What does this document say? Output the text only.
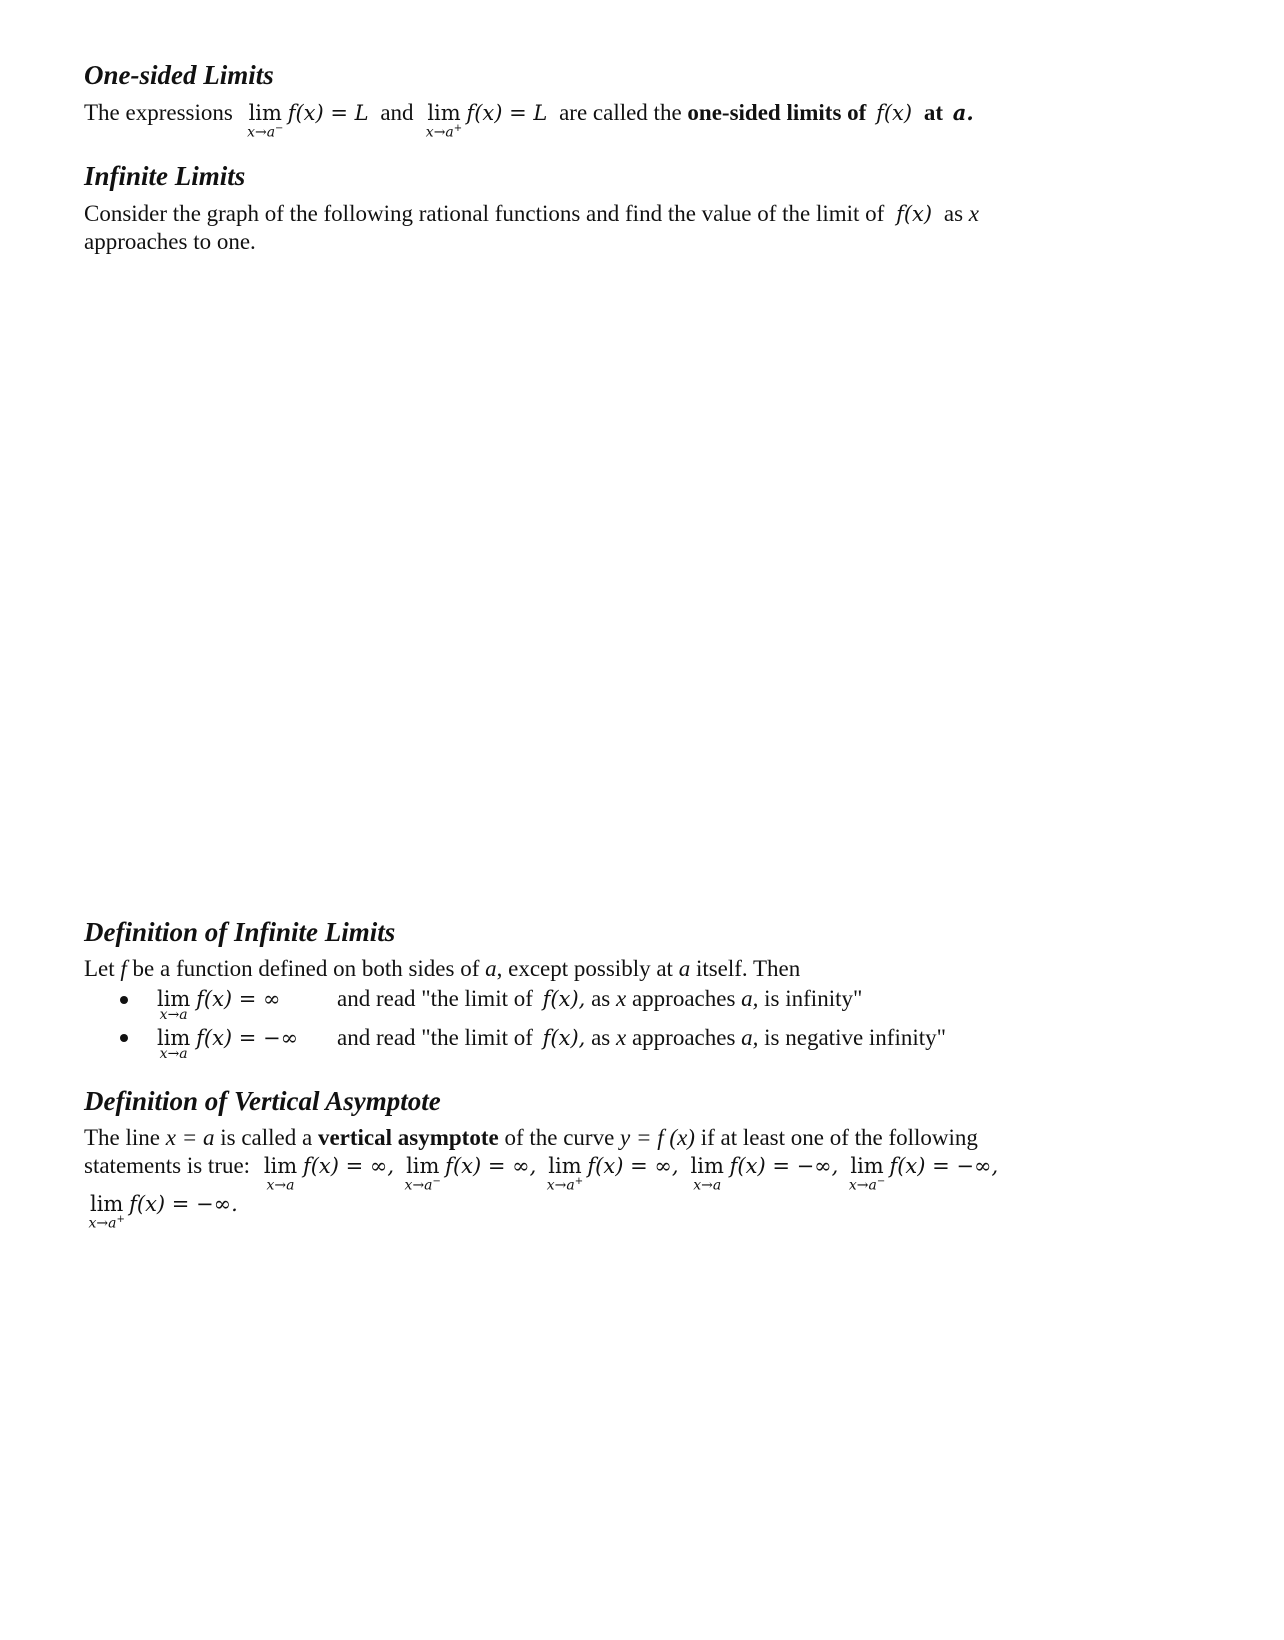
One-sided Limits
The expressions lim
x→a−
f(x) = L and lim
x→a+
f(x) = L are called the one-sided limits of f(x) at a.
Infinite Limits
Consider the graph of the following rational functions and find the value of the limit of f(x) as x
approaches to one.
Definition of Infinite Limits
Let f be a function defined on both sides of a, except possibly at a itself. Then
lim
x→a
f(x) = ∞ and read "the limit of f(x), as x approaches a, is infinity"
lim
x→a
f(x) = −∞ and read "the limit of f(x), as x approaches a, is negative infinity"
Definition of Vertical Asymptote
The line x = a is called a vertical asymptote of the curve y = f (x) if at least one of the following
statements is true: lim
x→a
f(x) = ∞, lim
x→a−
f(x) = ∞, lim
x→a+
f(x) = ∞, lim
x→a
f(x) = −∞, lim
x→a−
f(x) = −∞,
lim
x→a+
f(x) = −∞.
